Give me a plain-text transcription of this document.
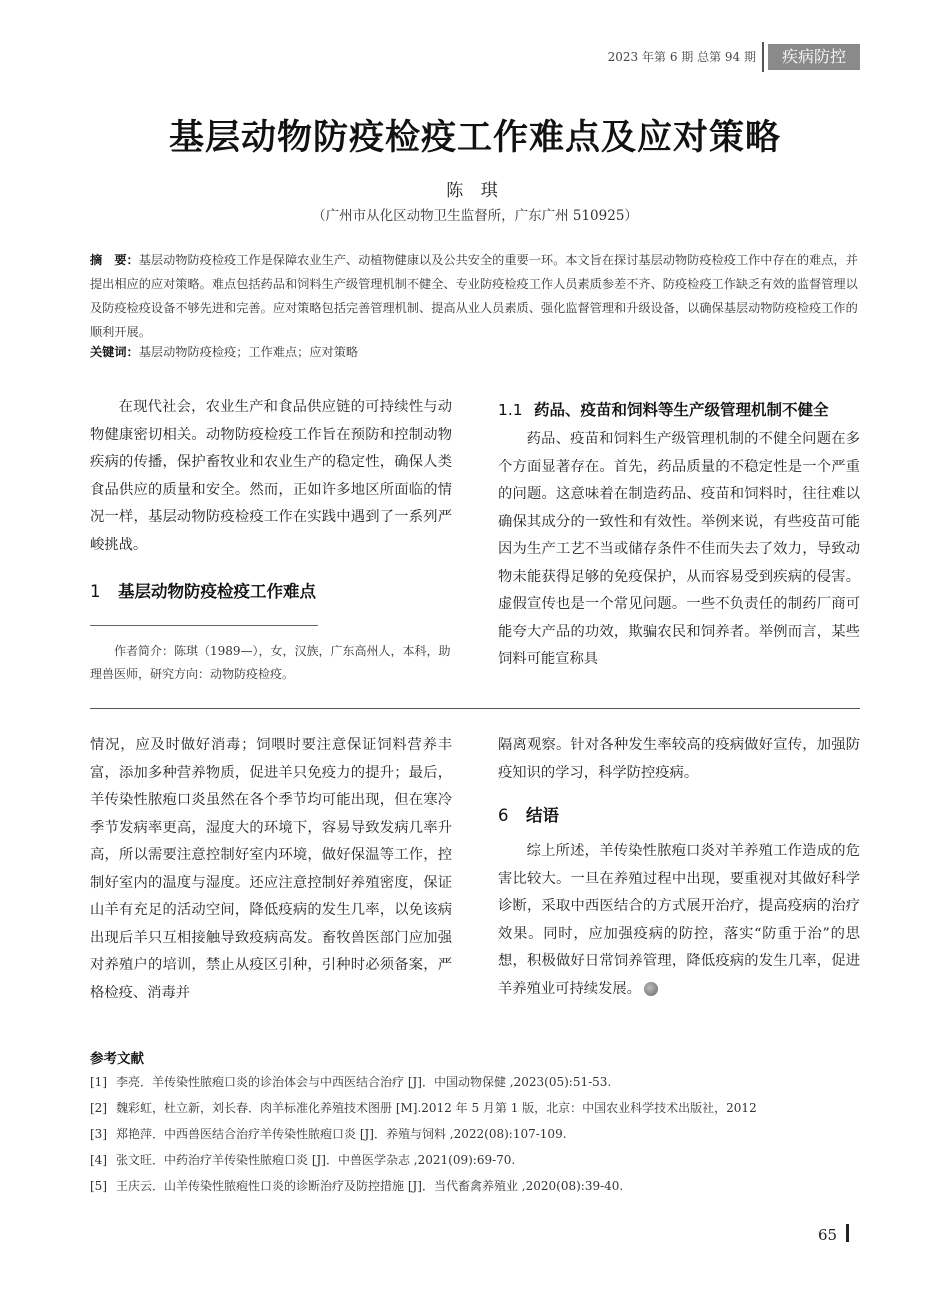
2023 年第 6 期 总第 94 期	疾病防控
基层动物防疫检疫工作难点及应对策略
陈 琪
（广州市从化区动物卫生监督所，广东广州 510925）
摘　要：基层动物防疫检疫工作是保障农业生产、动植物健康以及公共安全的重要一环。本文旨在探讨基层动物防疫检疫工作中存在的难点，并提出相应的应对策略。难点包括药品和饲料生产级管理机制不健全、专业防疫检疫工作人员素质参差不齐、防疫检疫工作缺乏有效的监督管理以及防疫检疫设备不够先进和完善。应对策略包括完善管理机制、提高从业人员素质、强化监督管理和升级设备，以确保基层动物防疫检疫工作的顺利开展。
关键词：基层动物防疫检疫；工作难点；应对策略

在现代社会，农业生产和食品供应链的可持续性与动物健康密切相关。动物防疫检疫工作旨在预防和控制动物疾病的传播，保护畜牧业和农业生产的稳定性，确保人类食品供应的质量和安全。然而，正如许多地区所面临的情况一样，基层动物防疫检疫工作在实践中遇到了一系列严峻挑战。

1 基层动物防疫检疫工作难点

作者简介：陈琪（1989—），女，汉族，广东高州人，本科，助理兽医师，研究方向：动物防疫检疫。

1.1 药品、疫苗和饲料等生产级管理机制不健全

药品、疫苗和饲料生产级管理机制的不健全问题在多个方面显著存在。首先，药品质量的不稳定性是一个严重的问题。这意味着在制造药品、疫苗和饲料时，往往难以确保其成分的一致性和有效性。举例来说，有些疫苗可能因为生产工艺不当或储存条件不佳而失去了效力，导致动物未能获得足够的免疫保护，从而容易受到疾病的侵害。虚假宣传也是一个常见问题。一些不负责任的制药厂商可能夸大产品的功效，欺骗农民和饲养者。举例而言，某些饲料可能宣称具

情况，应及时做好消毒；饲喂时要注意保证饲料营养丰富，添加多种营养物质，促进羊只免疫力的提升；最后，羊传染性脓疱口炎虽然在各个季节均可能出现，但在寒冷季节发病率更高，湿度大的环境下，容易导致发病几率升高，所以需要注意控制好室内环境，做好保温等工作，控制好室内的温度与湿度。还应注意控制好养殖密度，保证山羊有充足的活动空间，降低疫病的发生几率，以免该病出现后羊只互相接触导致疫病高发。畜牧兽医部门应加强对养殖户的培训，禁止从疫区引种，引种时必须备案，严格检疫、消毒并

隔离观察。针对各种发生率较高的疫病做好宣传，加强防疫知识的学习，科学防控疫病。

6 结语

综上所述，羊传染性脓疱口炎对羊养殖工作造成的危害比较大。一旦在养殖过程中出现，要重视对其做好科学诊断，采取中西医结合的方式展开治疗，提高疫病的治疗效果。同时，应加强疫病的防控，落实“防重于治”的思想，积极做好日常饲养管理，降低疫病的发生几率，促进羊养殖业可持续发展。

参考文献
[1] 李亮．羊传染性脓疱口炎的诊治体会与中西医结合治疗 [J]．中国动物保健 ,2023(05):51-53.
[2] 魏彩虹，杜立新，刘长春．肉羊标准化养殖技术图册 [M].2012 年 5 月第 1 版，北京：中国农业科学技术出版社，2012
[3] 郑艳萍．中西兽医结合治疗羊传染性脓疱口炎 [J]．养殖与饲料 ,2022(08):107-109.
[4] 张文旺．中药治疗羊传染性脓疱口炎 [J]．中兽医学杂志 ,2021(09):69-70.
[5] 王庆云．山羊传染性脓疱性口炎的诊断治疗及防控措施 [J]．当代畜禽养殖业 ,2020(08):39-40.
65
